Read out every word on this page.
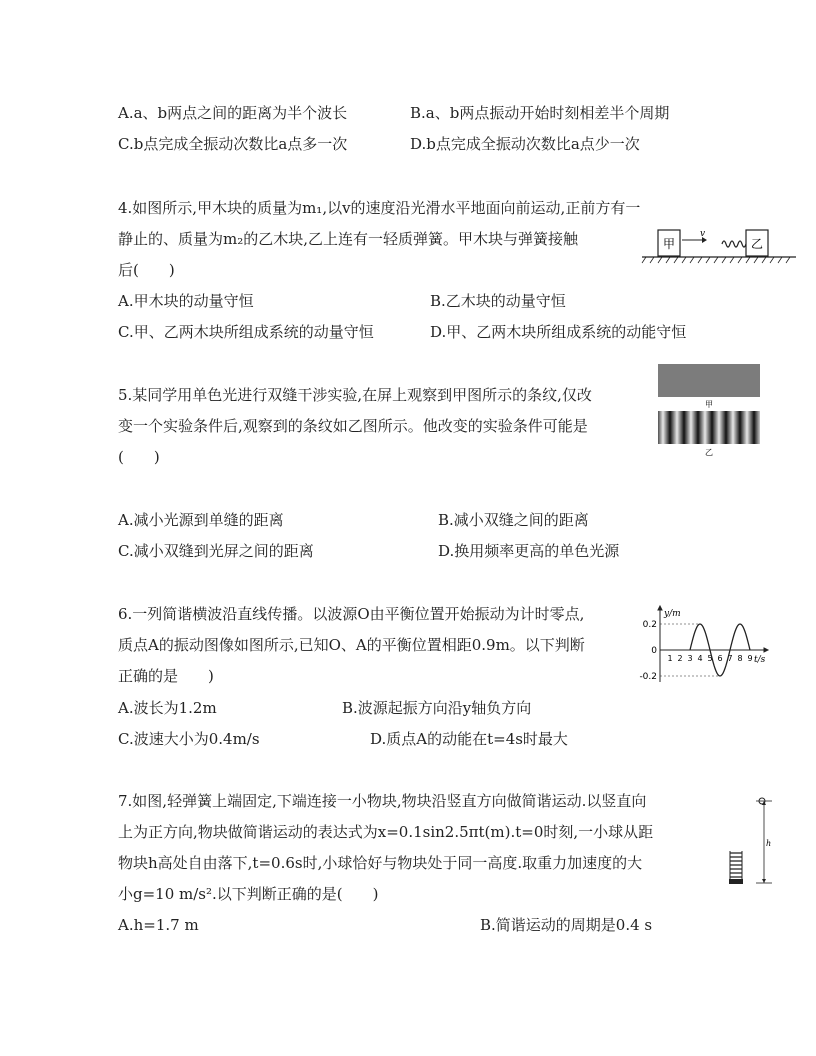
A.a、b两点之间的距离为半个波长	B.a、b两点振动开始时刻相差半个周期
C.b点完成全振动次数比a点多一次	D.b点完成全振动次数比a点少一次
4.如图所示,甲木块的质量为m₁,以v的速度沿光滑水平地面向前运动,正前方有一
静止的、质量为m₂的乙木块,乙上连有一轻质弹簧。甲木块与弹簧接触
后(　　)
A.甲木块的动量守恒	B.乙木块的动量守恒
C.甲、乙两木块所组成系统的动量守恒	D.甲、乙两木块所组成系统的动能守恒
甲
v
乙
5.某同学用单色光进行双缝干涉实验,在屏上观察到甲图所示的条纹,仅改
变一个实验条件后,观察到的条纹如乙图所示。他改变的实验条件可能是
(　　)
A.减小光源到单缝的距离	B.减小双缝之间的距离
C.减小双缝到光屏之间的距离	D.换用频率更高的单色光源
甲
乙
6.一列简谐横波沿直线传播。以波源O由平衡位置开始振动为计时零点,
质点A的振动图像如图所示,已知O、A的平衡位置相距0.9m。以下判断
正确的是　　)
A.波长为1.2m	B.波源起振方向沿y轴负方向
C.波速大小为0.4m/s	D.质点A的动能在t=4s时最大
y/m
t/s
0.2
0
-0.2
1 2 3 4 5 6 7 8 9
7.如图,轻弹簧上端固定,下端连接一小物块,物块沿竖直方向做简谐运动.以竖直向
上为正方向,物块做简谐运动的表达式为x=0.1sin2.5πt(m).t=0时刻,一小球从距
物块h高处自由落下,t=0.6s时,小球恰好与物块处于同一高度.取重力加速度的大
小g=10 m/s².以下判断正确的是(　　)
A.h=1.7 m	B.简谐运动的周期是0.4 s
h
